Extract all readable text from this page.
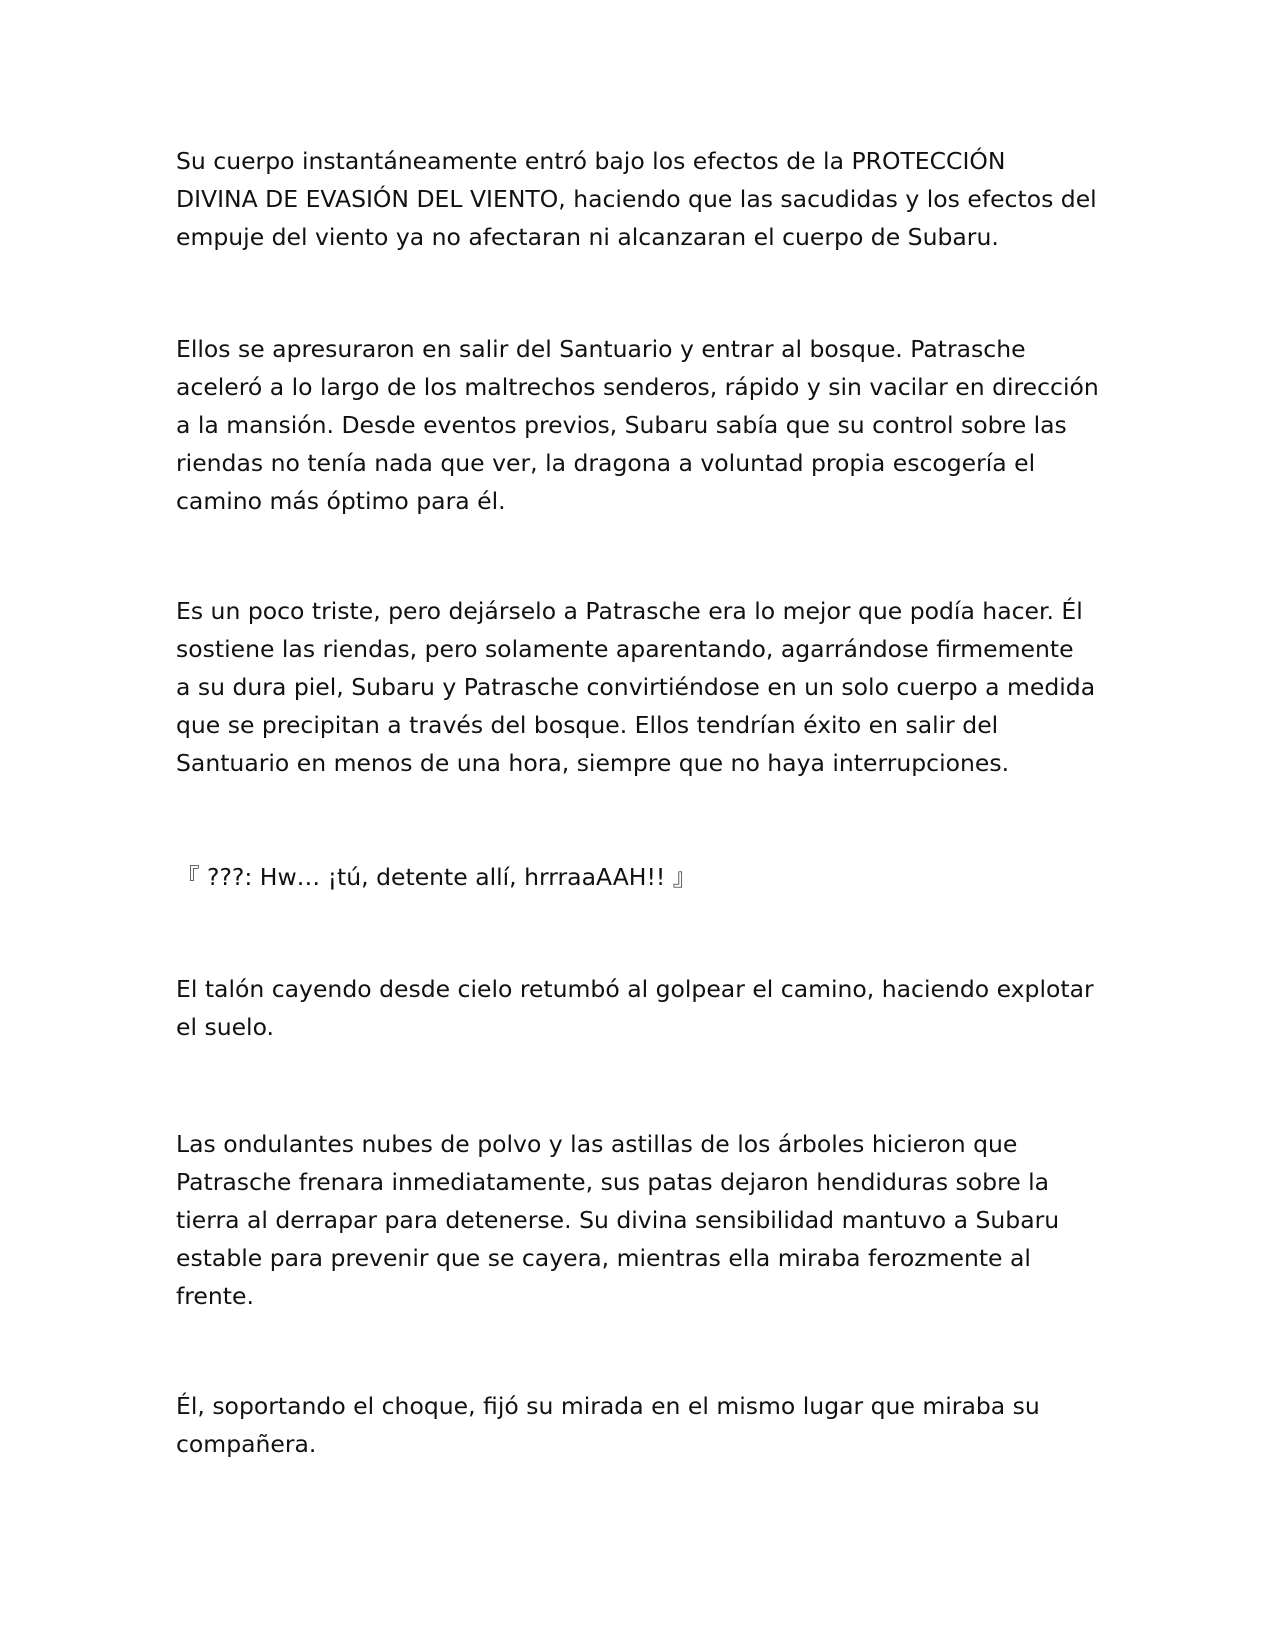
Su cuerpo instantáneamente entró bajo los efectos de la PROTECCIÓN
DIVINA DE EVASIÓN DEL VIENTO, haciendo que las sacudidas y los efectos del
empuje del viento ya no afectaran ni alcanzaran el cuerpo de Subaru.

Ellos se apresuraron en salir del Santuario y entrar al bosque. Patrasche
aceleró a lo largo de los maltrechos senderos, rápido y sin vacilar en dirección
a la mansión. Desde eventos previos, Subaru sabía que su control sobre las
riendas no tenía nada que ver, la dragona a voluntad propia escogería el
camino más óptimo para él.

Es un poco triste, pero dejárselo a Patrasche era lo mejor que podía hacer. Él
sostiene las riendas, pero solamente aparentando, agarrándose firmemente
a su dura piel, Subaru y Patrasche convirtiéndose en un solo cuerpo a medida
que se precipitan a través del bosque. Ellos tendrían éxito en salir del
Santuario en menos de una hora, siempre que no haya interrupciones.

『 ???: Hw… ¡tú, detente allí, hrrraaAAH!! 』

El talón cayendo desde cielo retumbó al golpear el camino, haciendo explotar
el suelo.

Las ondulantes nubes de polvo y las astillas de los árboles hicieron que
Patrasche frenara inmediatamente, sus patas dejaron hendiduras sobre la
tierra al derrapar para detenerse. Su divina sensibilidad mantuvo a Subaru
estable para prevenir que se cayera, mientras ella miraba ferozmente al
frente.

Él, soportando el choque, fijó su mirada en el mismo lugar que miraba su
compañera.
